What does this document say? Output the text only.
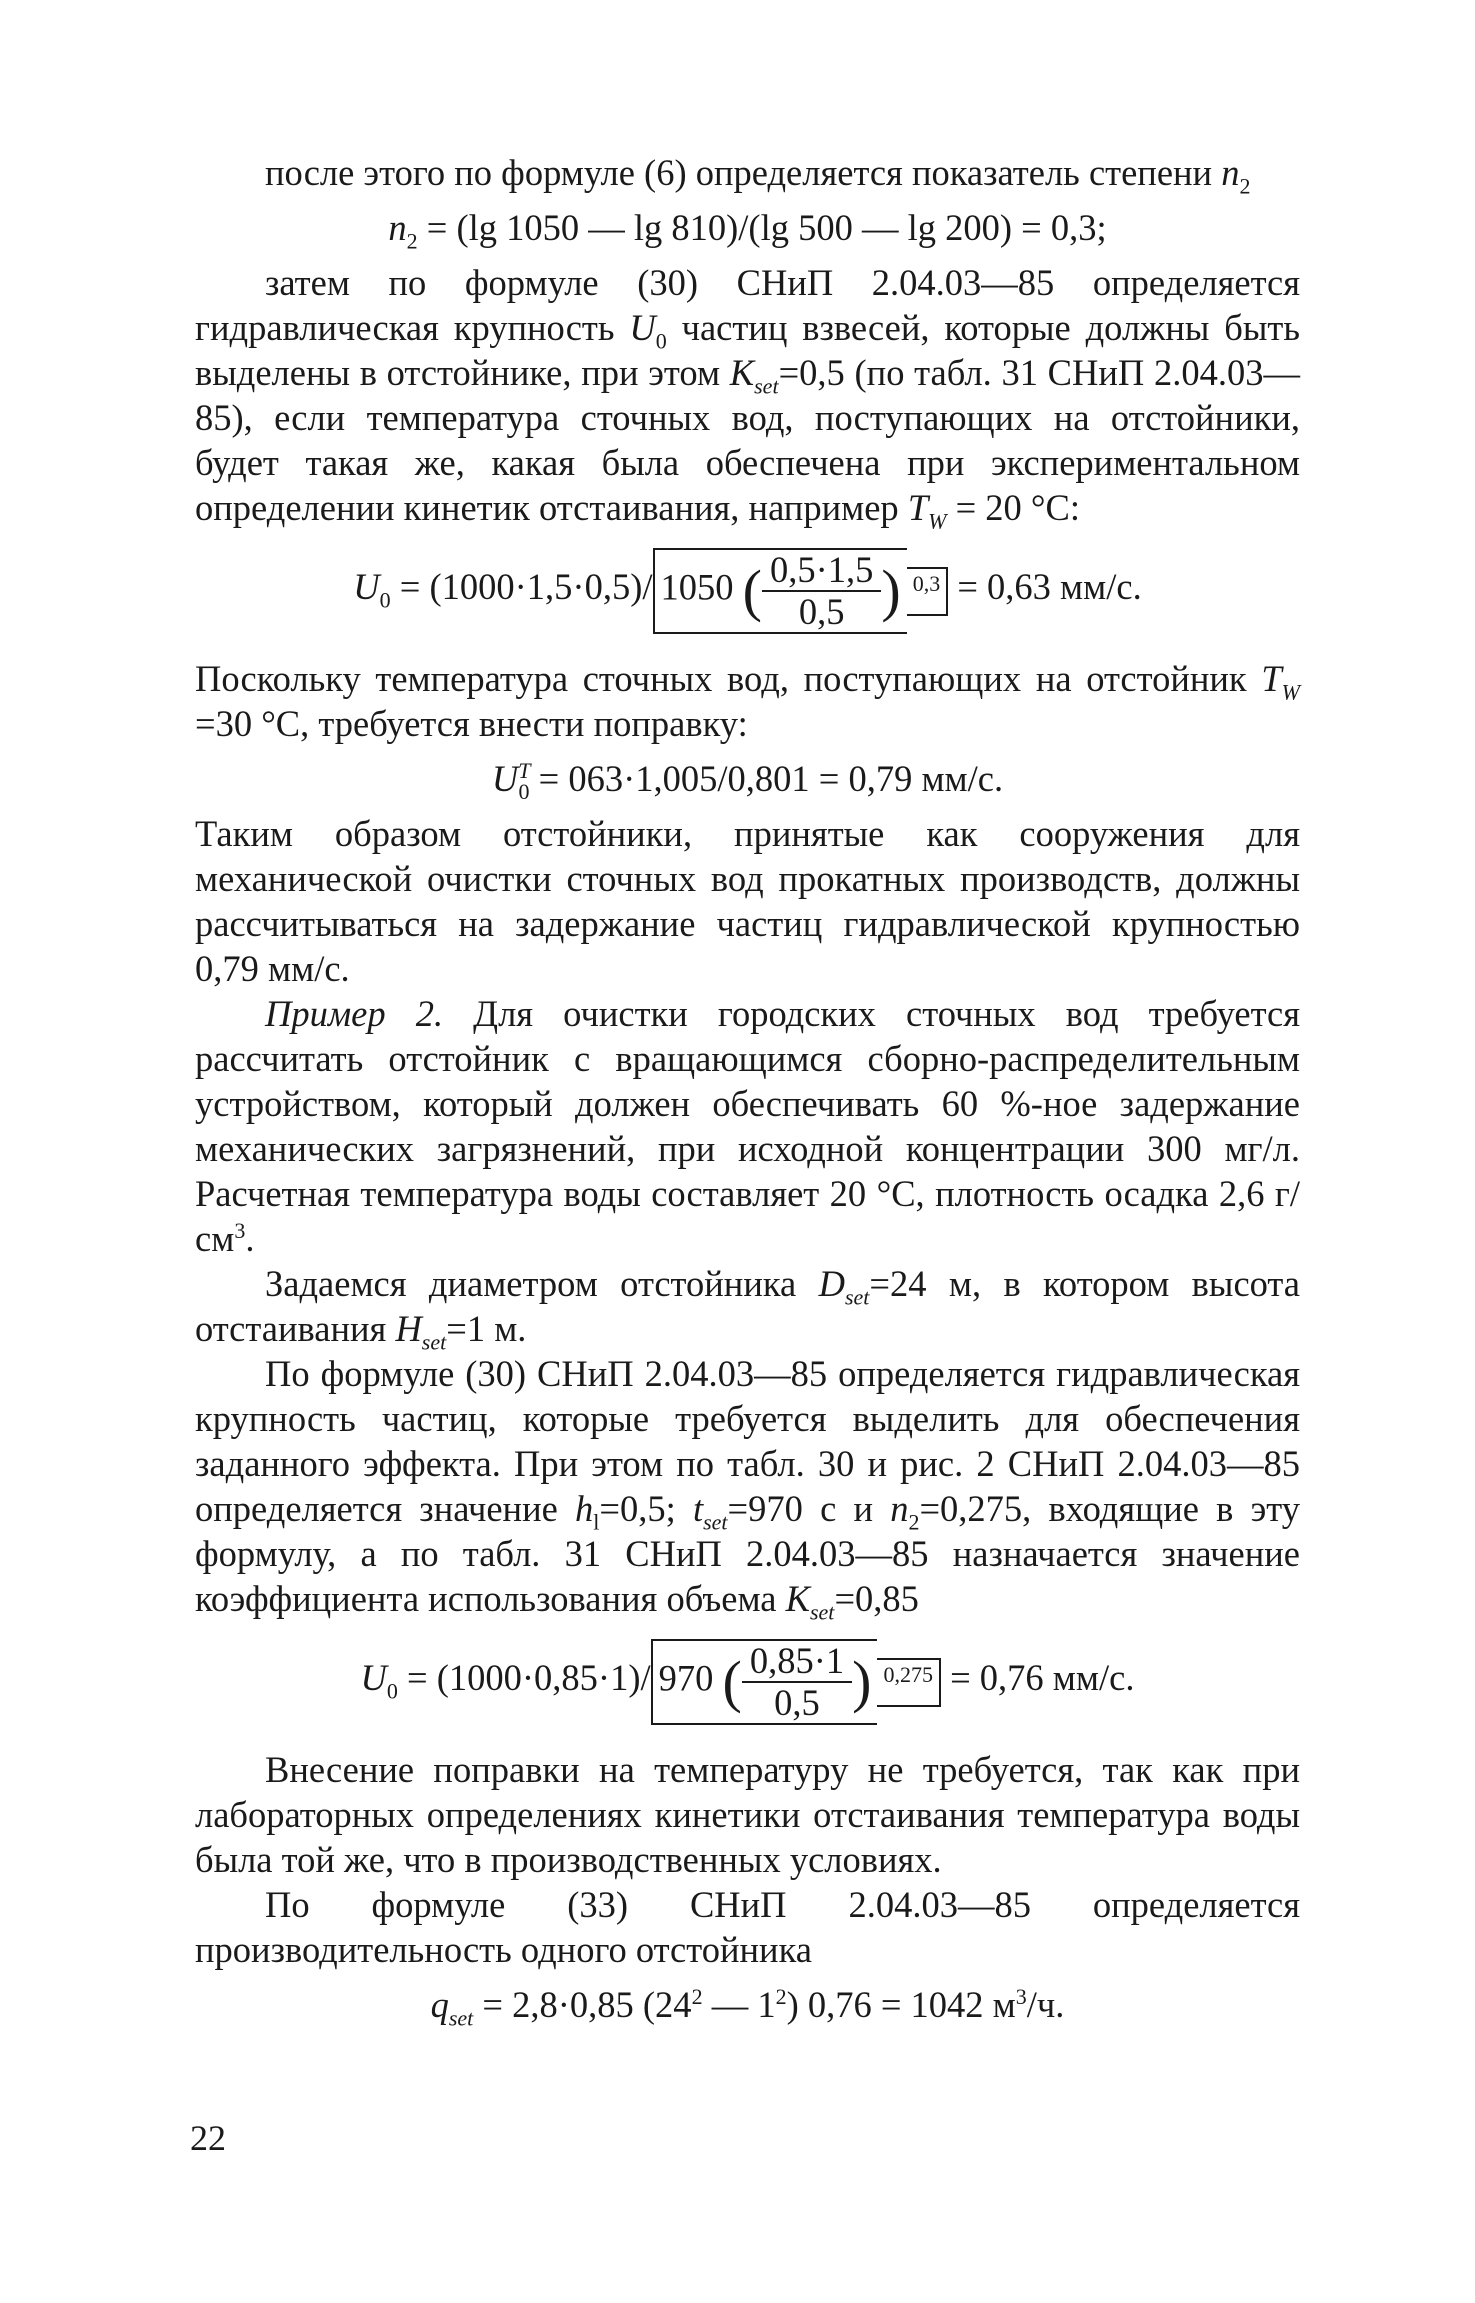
после этого по формуле (6) определяется показатель степени $n_2$

$n_2 = (\lg$ 1050 — lg 810)/(lg 500 — lg 200) = 0,3;

затем по формуле (30) СНиП 2.04.03—85 определяется гидравлическая крупность $U_0$ частиц взвесей, которые должны быть выделены в отстойнике, при этом $K_{set}=0,5$ (по табл. 31 СНиП 2.04.03—85), если температура сточных вод, поступающих на отстойники, будет такая же, какая была обеспечена при экспериментальном определении кинетик отстаивания, например $T_W = 20$ °С:

$U_0 = (1000\cdot 1,5\cdot 0,5)/$ 1050 ( $\frac{0,5\cdot 1,5}{0,5}$ ) $^{0,3}$ = 0,63 мм/с.

Поскольку температура сточных вод, поступающих на отстойник $T_W =30$ °С, требуется внести поправку:

$U^T_0 = 063\cdot 1,005/0,801 = 0,79$ мм/с.

Таким образом отстойники, принятые как сооружения для механической очистки сточных вод прокатных производств, должны рассчитываться на задержание частиц гидравлической крупностью 0,79 мм/с.

Пример 2. Для очистки городских сточных вод требуется рассчитать отстойник с вращающимся сборно-распределительным устройством, который должен обеспечивать 60 %-ное задержание механических загрязнений, при исходной концентрации 300 мг/л. Расчетная температура воды составляет 20 °С, плотность осадка 2,6 $г/см^3$.

Задаемся диаметром отстойника $D_{set}=24$ м, в котором высота отстаивания $H_{set}=1$ м.

По формуле (30) СНиП 2.04.03—85 определяется гидравлическая крупность частиц, которые требуется выделить для обеспечения заданного эффекта. При этом по табл. 30 и рис. 2 СНиП 2.04.03—85 определяется значение $h_l=0,5$; $t_{set}=970$ с и $n_2=0,275$, входящие в эту формулу, а по табл. 31 СНиП 2.04.03—85 назначается значение коэффициента использования объема $K_{set}=0,85$

$U_0 = (1000\cdot 0,85\cdot 1)/$ 970 ( $\frac{0,85\cdot 1}{0,5}$ ) $^{0,275}$ = 0,76 мм/с.

Внесение поправки на температуру не требуется, так как при лабораторных определениях кинетики отстаивания температура воды была той же, что в производственных условиях.

По формуле (33) СНиП 2.04.03—85 определяется производительность одного отстойника

$q_{set} = 2,8\cdot 0,85$ ($24^2$ — $1^2$) 0,76 = 1042 $м^3/ч$.

22
